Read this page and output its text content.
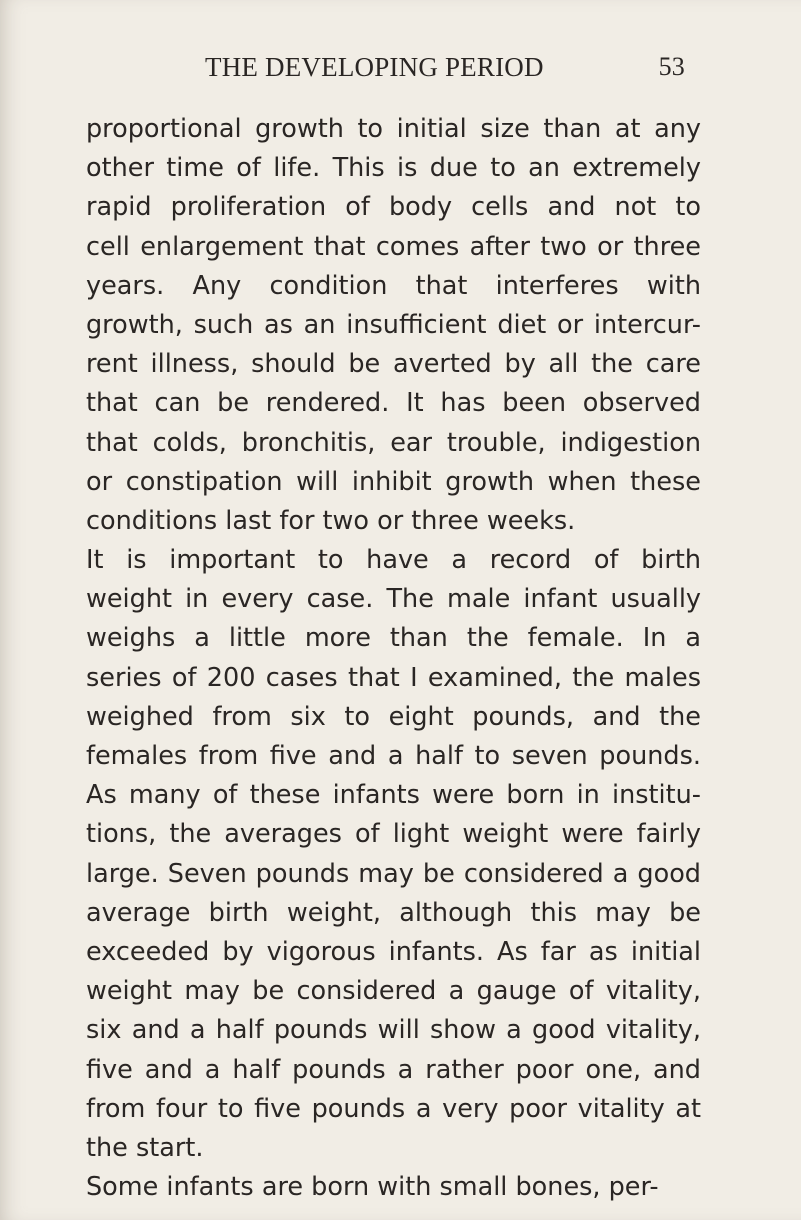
THE DEVELOPING PERIOD	53
proportional growth to initial size than at any
other time of life. This is due to an extremely
rapid proliferation of body cells and not to
cell enlargement that comes after two or three
years. Any condition that interferes with
growth, such as an insufficient diet or intercur-
rent illness, should be averted by all the care
that can be rendered. It has been observed
that colds, bronchitis, ear trouble, indigestion
or constipation will inhibit growth when these
conditions last for two or three weeks.
It is important to have a record of birth
weight in every case. The male infant usually
weighs a little more than the female. In a
series of 200 cases that I examined, the males
weighed from six to eight pounds, and the
females from five and a half to seven pounds.
As many of these infants were born in institu-
tions, the averages of light weight were fairly
large. Seven pounds may be considered a good
average birth weight, although this may be
exceeded by vigorous infants. As far as initial
weight may be considered a gauge of vitality,
six and a half pounds will show a good vitality,
five and a half pounds a rather poor one, and
from four to five pounds a very poor vitality at
the start.
Some infants are born with small bones, per-
